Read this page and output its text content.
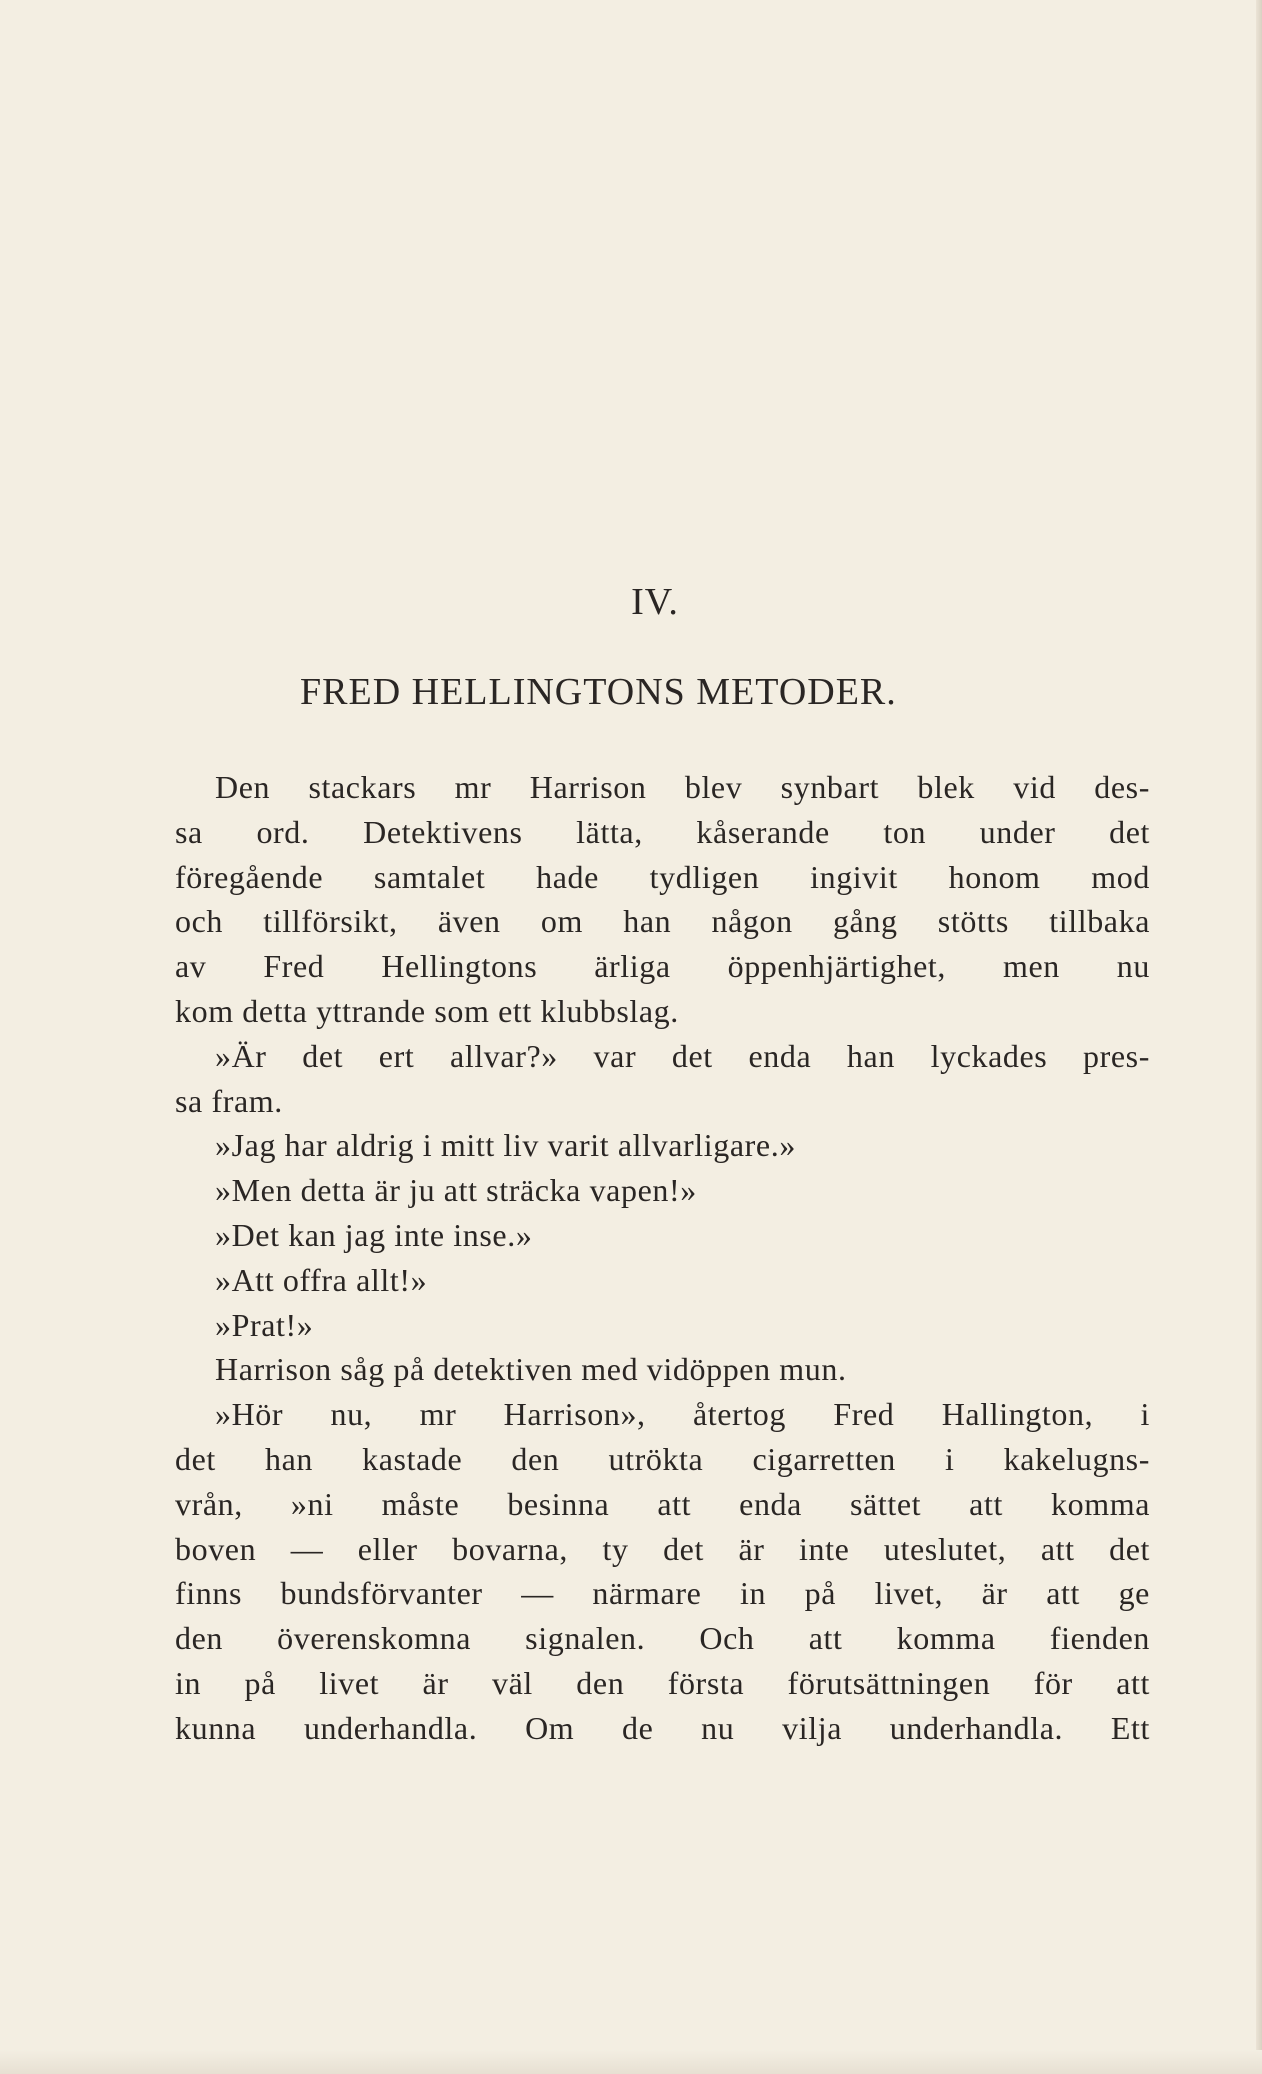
IV.
FRED HELLINGTONS METODER.
Den stackars mr Harrison blev synbart blek vid des-
sa ord. Detektivens lätta, kåserande ton under det
föregående samtalet hade tydligen ingivit honom mod
och tillförsikt, även om han någon gång stötts tillbaka
av Fred Hellingtons ärliga öppenhjärtighet, men nu
kom detta yttrande som ett klubbslag.
»Är det ert allvar?» var det enda han lyckades pres-
sa fram.
»Jag har aldrig i mitt liv varit allvarligare.»
»Men detta är ju att sträcka vapen!»
»Det kan jag inte inse.»
»Att offra allt!»
»Prat!»
Harrison såg på detektiven med vidöppen mun.
»Hör nu, mr Harrison», återtog Fred Hallington, i
det han kastade den utrökta cigarretten i kakelugns-
vrån, »ni måste besinna att enda sättet att komma
boven — eller bovarna, ty det är inte uteslutet, att det
finns bundsförvanter — närmare in på livet, är att ge
den överenskomna signalen. Och att komma fienden
in på livet är väl den första förutsättningen för att
kunna underhandla. Om de nu vilja underhandla. Ett
